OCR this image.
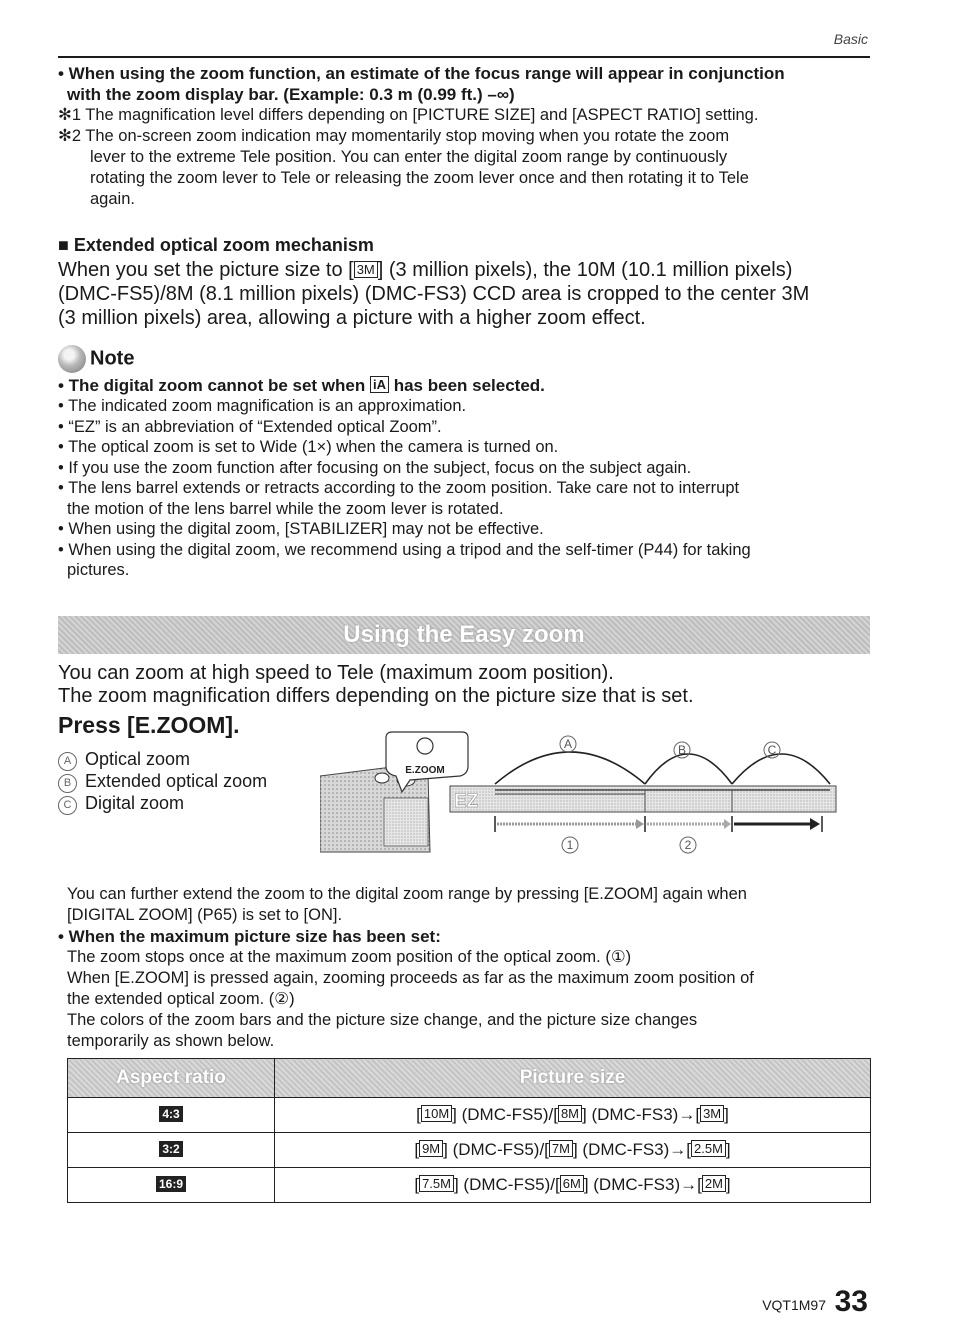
Basic
• When using the zoom function, an estimate of the focus range will appear in conjunction
with the zoom display bar. (Example: 0.3 m (0.99 ft.) –∞)
✻1 The magnification level differs depending on [PICTURE SIZE] and [ASPECT RATIO] setting.
✻2 The on-screen zoom indication may momentarily stop moving when you rotate the zoom
lever to the extreme Tele position. You can enter the digital zoom range by continuously
rotating the zoom lever to Tele or releasing the zoom lever once and then rotating it to Tele
again.
■ Extended optical zoom mechanism
When you set the picture size to [ 3M ] (3 million pixels), the 10M (10.1 million pixels)
(DMC-FS5)/8M (8.1 million pixels) (DMC-FS3) CCD area is cropped to the center 3M
(3 million pixels) area, allowing a picture with a higher zoom effect.
Note
• The digital zoom cannot be set when iA has been selected.
• The indicated zoom magnification is an approximation.
• “EZ” is an abbreviation of “Extended optical Zoom”.
• The optical zoom is set to Wide (1×) when the camera is turned on.
• If you use the zoom function after focusing on the subject, focus on the subject again.
• The lens barrel extends or retracts according to the zoom position. Take care not to interrupt
the motion of the lens barrel while the zoom lever is rotated.
• When using the digital zoom, [STABILIZER] may not be effective.
• When using the digital zoom, we recommend using a tripod and the self-timer (P44) for taking
pictures.
Using the Easy zoom
You can zoom at high speed to Tele (maximum zoom position).
The zoom magnification differs depending on the picture size that is set.
Press [E.ZOOM].
A Optical zoom
B Extended optical zoom
C Digital zoom
E.ZOOM
EZ
A	B	C
1	2
You can further extend the zoom to the digital zoom range by pressing [E.ZOOM] again when
[DIGITAL ZOOM] (P65) is set to [ON].
• When the maximum picture size has been set:
The zoom stops once at the maximum zoom position of the optical zoom. (①)
When [E.ZOOM] is pressed again, zooming proceeds as far as the maximum zoom position of
the extended optical zoom. (②)
The colors of the zoom bars and the picture size change, and the picture size changes
temporarily as shown below.
Aspect ratio	Picture size
4:3	[ 10M ] (DMC-FS5)/[ 8M ] (DMC-FS3)→[ 3M ]
3:2	[ 9M ] (DMC-FS5)/[ 7M ] (DMC-FS3)→[ 2.5M ]
16:9	[ 7.5M ] (DMC-FS5)/[ 6M ] (DMC-FS3)→[ 2M ]
VQT1M97 33
